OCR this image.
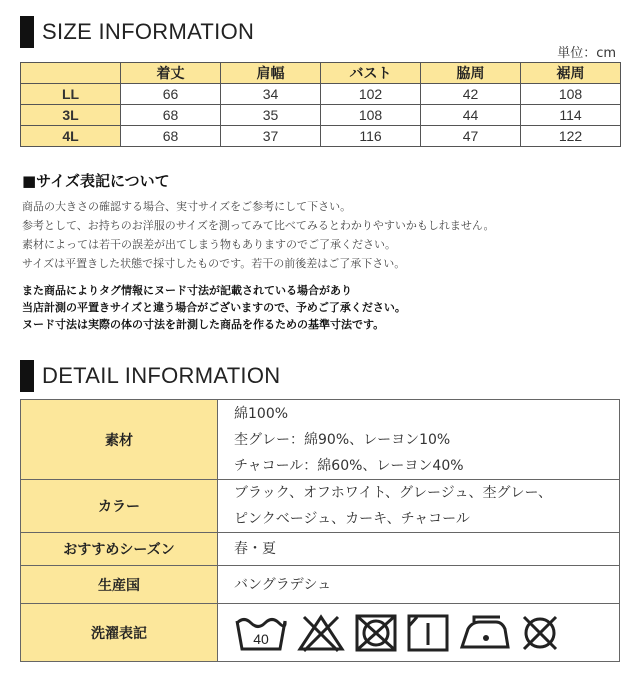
SIZE INFORMATION
単位：cm
	着丈	肩幅	バスト	脇周	裾周
LL	66	34	102	42	108
3L	68	35	108	44	114
4L	68	37	116	47	122
■サイズ表記について
商品の大きさの確認する場合、実寸サイズをご参考にして下さい。
参考として、お持ちのお洋服のサイズを測ってみて比べてみるとわかりやすいかもしれません。
素材によっては若干の誤差が出てしまう物もありますのでご了承ください。
サイズは平置きした状態で採寸したものです。若干の前後差はご了承下さい。
また商品によりタグ情報にヌード寸法が記載されている場合があり
当店計測の平置きサイズと違う場合がございますので、予めご了承ください。
ヌード寸法は実際の体の寸法を計測した商品を作るための基準寸法です。
DETAIL INFORMATION
素材	綿100%
杢グレー：綿90%、レーヨン10%
チャコール：綿60%、レーヨン40%

カラー	ブラック、オフホワイト、グレージュ、杢グレー、
ピンクベージュ、カーキ、チャコール

おすすめシーズン	春・夏
生産国	バングラデシュ
洗濯表記	40
